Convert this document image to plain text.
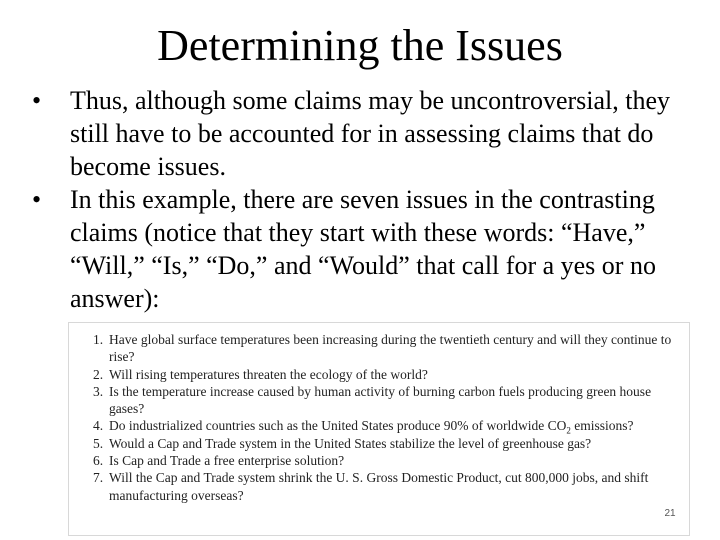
Determining the Issues
• Thus, although some claims may be uncontroversial, they still have to be accounted for in assessing claims that do become issues.
• In this example, there are seven issues in the contrasting claims (notice that they start with these words: “Have,” “Will,” “Is,” “Do,” and “Would” that call for a yes or no answer):
1. Have global surface temperatures been increasing during the twentieth century and will they continue to rise?
2. Will rising temperatures threaten the ecology of the world?
3. Is the temperature increase caused by human activity of burning carbon fuels producing green house gases?
4. Do industrialized countries such as the United States produce 90% of worldwide $CO_2$ emissions?
5. Would a Cap and Trade system in the United States stabilize the level of greenhouse gas?
6. Is Cap and Trade a free enterprise solution?
7. Will the Cap and Trade system shrink the U. S. Gross Domestic Product, cut 800,000 jobs, and shift manufacturing overseas?
21
